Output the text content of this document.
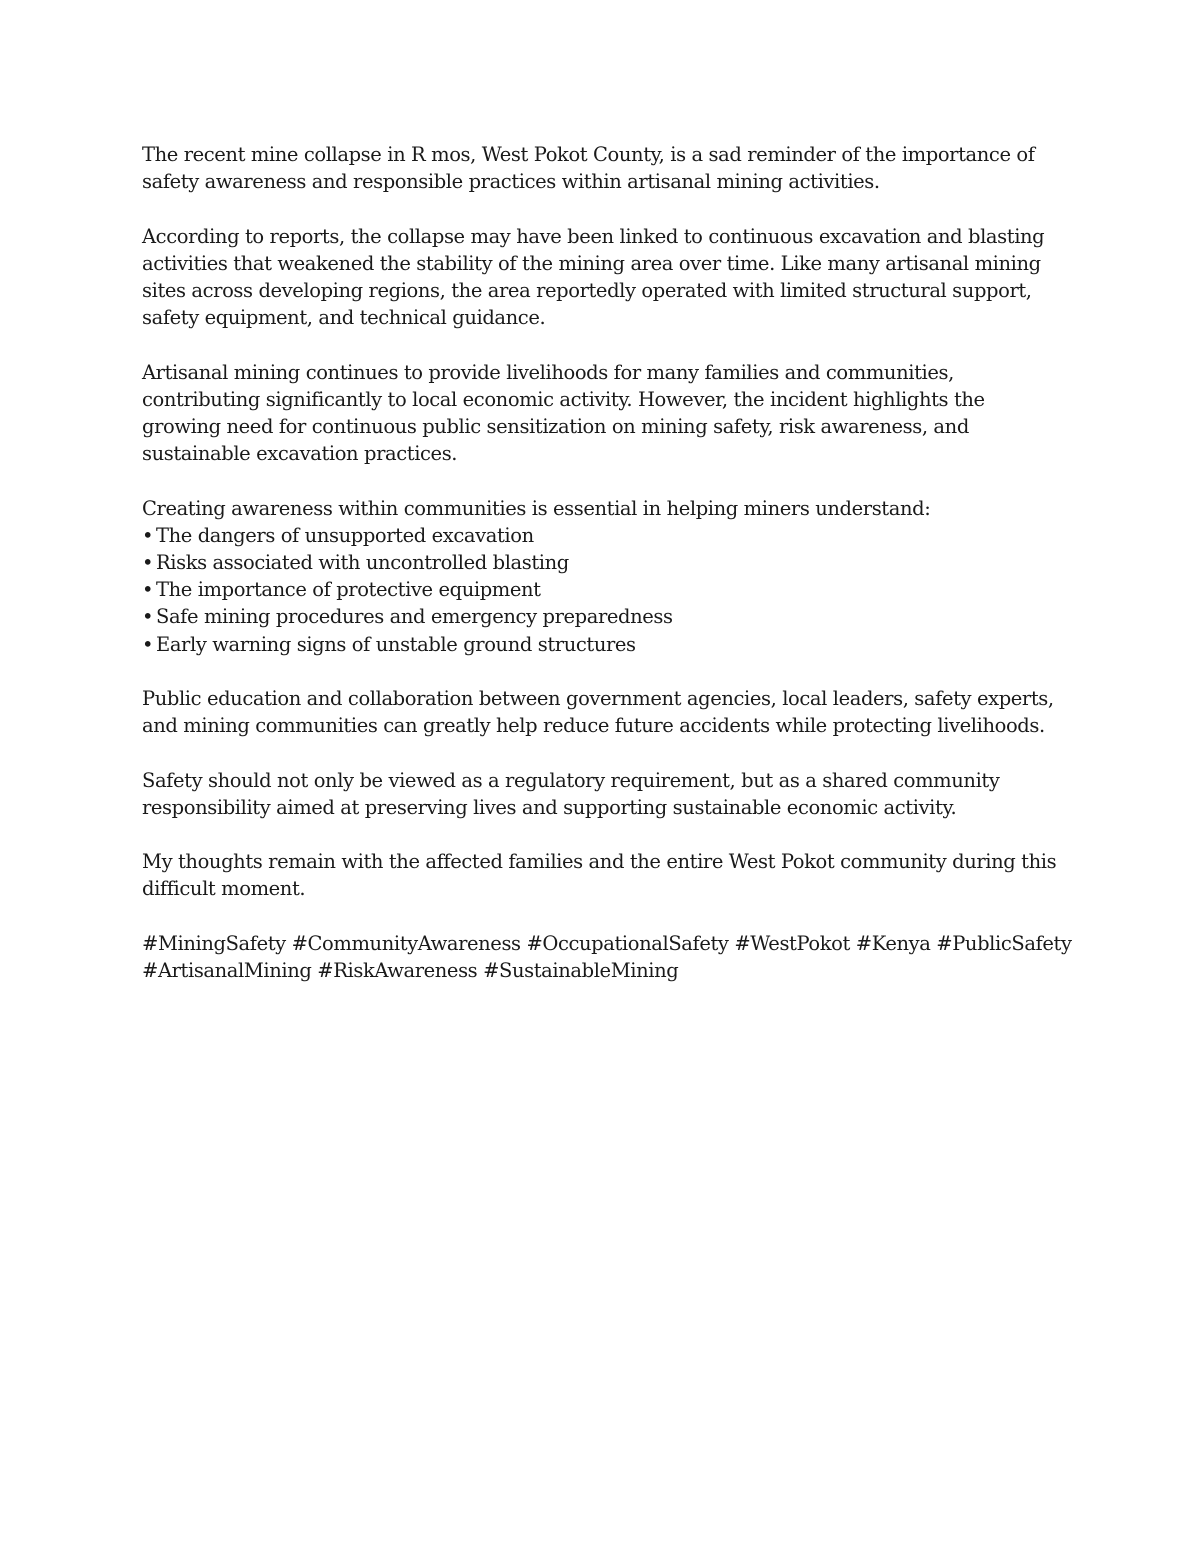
The recent mine collapse in R mos, West Pokot County, is a sad reminder of the importance of
safety awareness and responsible practices within artisanal mining activities.

According to reports, the collapse may have been linked to continuous excavation and blasting
activities that weakened the stability of the mining area over time. Like many artisanal mining
sites across developing regions, the area reportedly operated with limited structural support,
safety equipment, and technical guidance.

Artisanal mining continues to provide livelihoods for many families and communities,
contributing significantly to local economic activity. However, the incident highlights the
growing need for continuous public sensitization on mining safety, risk awareness, and
sustainable excavation practices.

Creating awareness within communities is essential in helping miners understand:
• The dangers of unsupported excavation
• Risks associated with uncontrolled blasting
• The importance of protective equipment
• Safe mining procedures and emergency preparedness
• Early warning signs of unstable ground structures

Public education and collaboration between government agencies, local leaders, safety experts,
and mining communities can greatly help reduce future accidents while protecting livelihoods.

Safety should not only be viewed as a regulatory requirement, but as a shared community
responsibility aimed at preserving lives and supporting sustainable economic activity.

My thoughts remain with the affected families and the entire West Pokot community during this
difficult moment.

#MiningSafety #CommunityAwareness #OccupationalSafety #WestPokot #Kenya #PublicSafety
#ArtisanalMining #RiskAwareness #SustainableMining
